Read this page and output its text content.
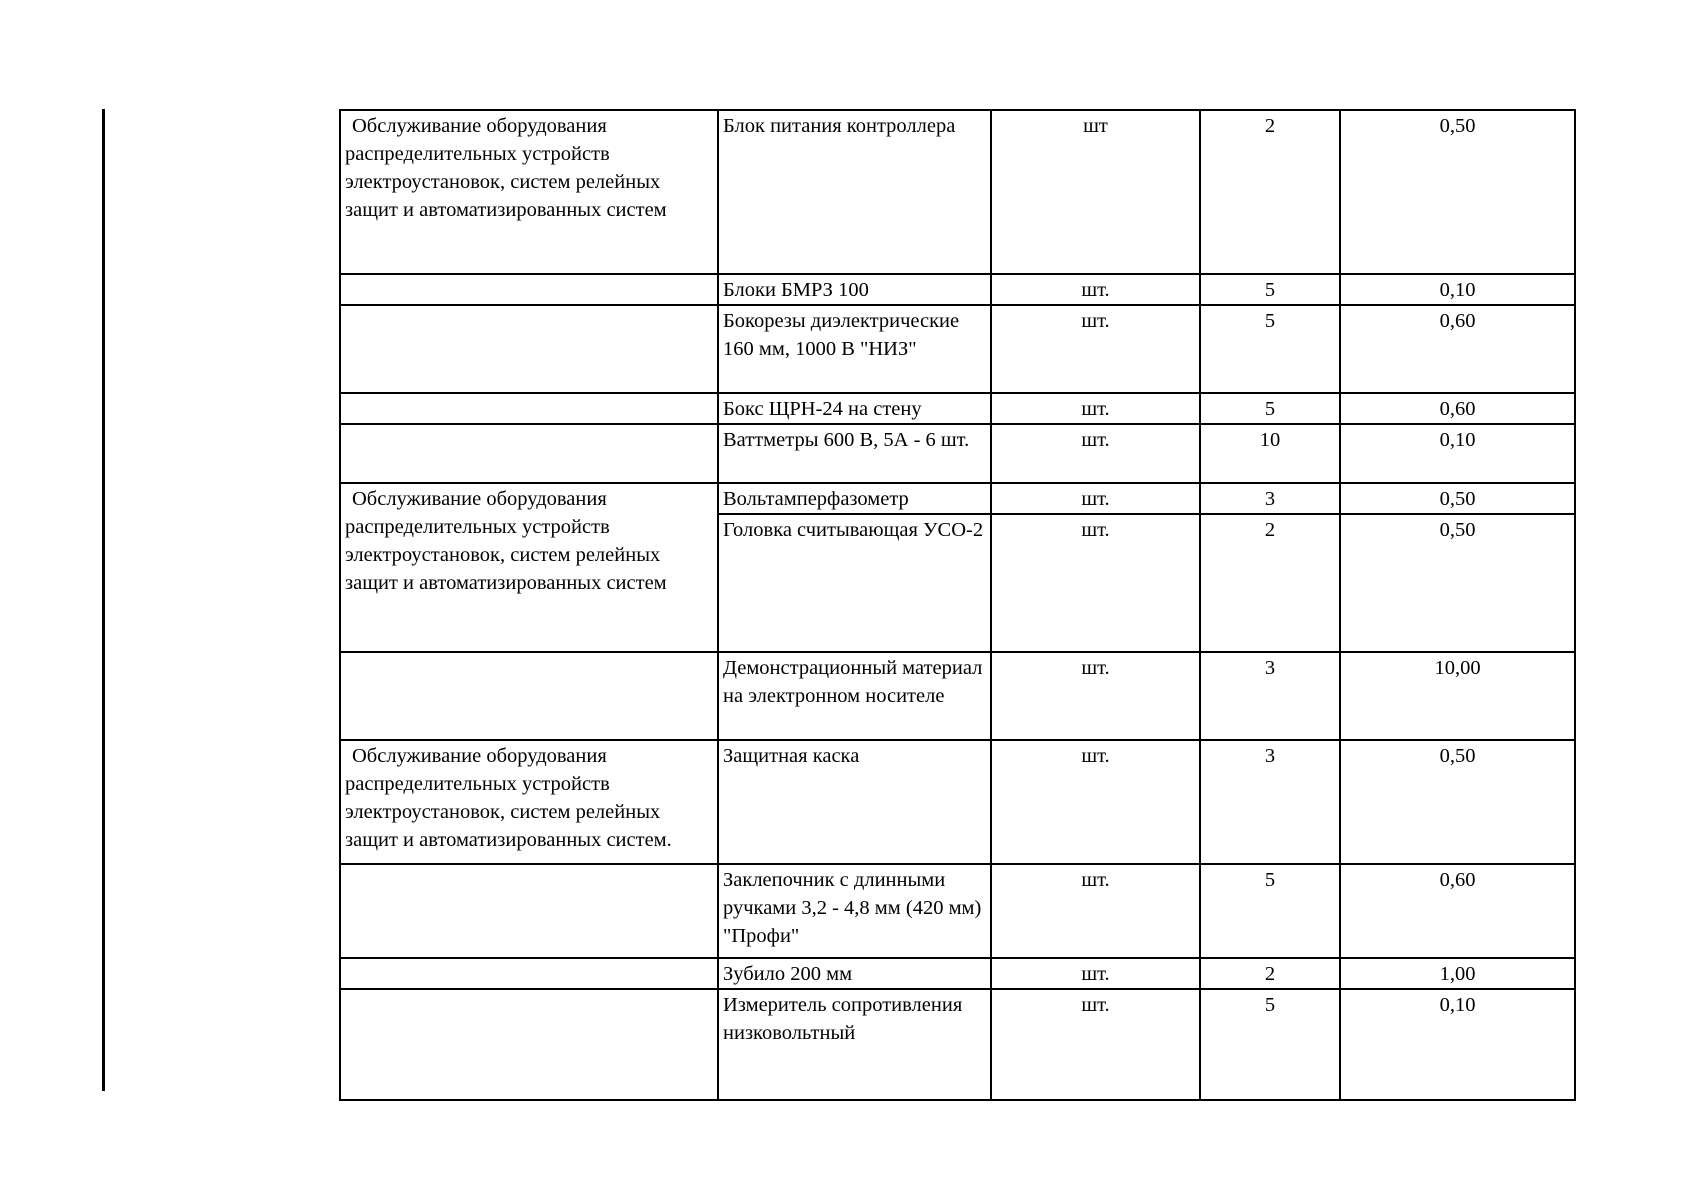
Обслуживание оборудования распределительных устройств электроустановок, систем релейных защит и автоматизированных систем	Блок питания контроллера	шт	2	0,50
	Блоки БМРЗ 100	шт.	5	0,10
	Бокорезы диэлектрические 160 мм, 1000 В "НИЗ"	шт.	5	0,60
	Бокс ЩРН-24 на стену	шт.	5	0,60
	Ваттметры 600 В, 5А - 6 шт.	шт.	10	0,10
Обслуживание оборудования распределительных устройств электроустановок, систем релейных защит и автоматизированных систем	Вольтамперфазометр	шт.	3	0,50
	Головка считывающая УСО-2	шт.	2	0,50
	Демонстрационный материал на электронном носителе	шт.	3	10,00
Обслуживание оборудования распределительных устройств электроустановок, систем релейных защит и автоматизированных систем.	Защитная каска	шт.	3	0,50
	Заклепочник с длинными ручками 3,2 - 4,8 мм (420 мм) "Профи"	шт.	5	0,60
	Зубило 200 мм	шт.	2	1,00
	Измеритель сопротивления низковольтный	шт.	5	0,10
